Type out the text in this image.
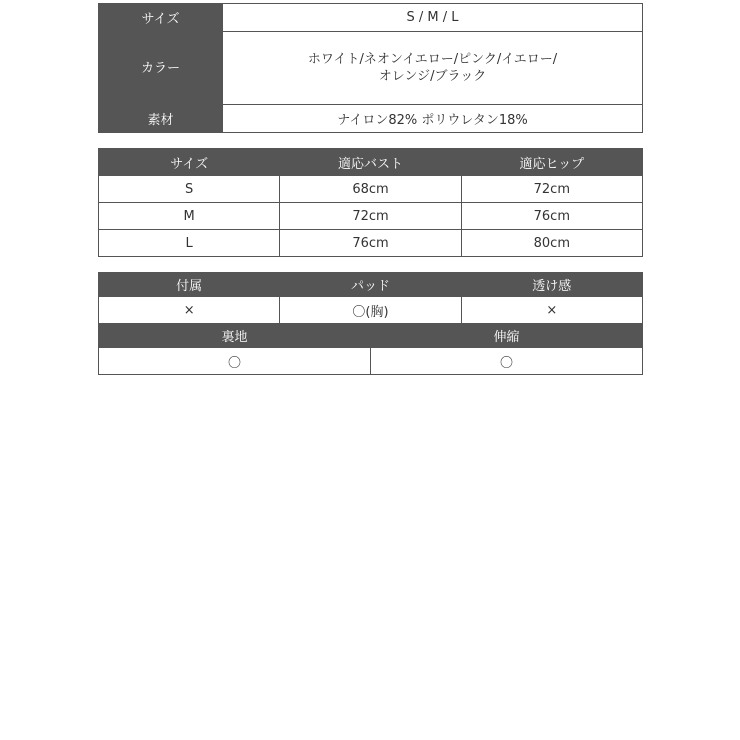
サイズ	S / M / L
カラー	ホワイト/ネオンイエロー/ピンク/イエロー/
オレンジ/ブラック

素材	ナイロン82% ポリウレタン18%
サイズ	適応バスト	適応ヒップ
S	68cm	72cm
M	72cm	76cm
L	76cm	80cm
付属	パッド		透け感
×	〇(胸)		×
裏地		伸縮	
〇		〇	
